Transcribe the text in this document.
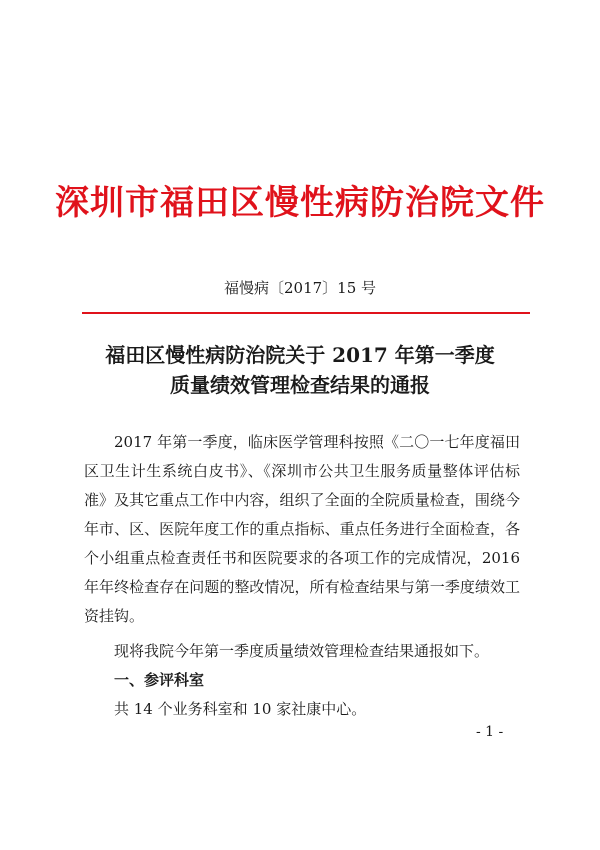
深圳市福田区慢性病防治院文件
福慢病〔2017〕15 号
福田区慢性病防治院关于 2017 年第一季度
质量绩效管理检查结果的通报

2017 年第一季度，临床医学管理科按照《二〇一七年度福田区卫生计生系统白皮书》、《深圳市公共卫生服务质量整体评估标准》及其它重点工作中内容，组织了全面的全院质量检查，围绕今年市、区、医院年度工作的重点指标、重点任务进行全面检查，各个小组重点检查责任书和医院要求的各项工作的完成情况，2016 年年终检查存在问题的整改情况，所有检查结果与第一季度绩效工资挂钩。

现将我院今年第一季度质量绩效管理检查结果通报如下。

一、参评科室

共 14 个业务科室和 10 家社康中心。

- 1 -
